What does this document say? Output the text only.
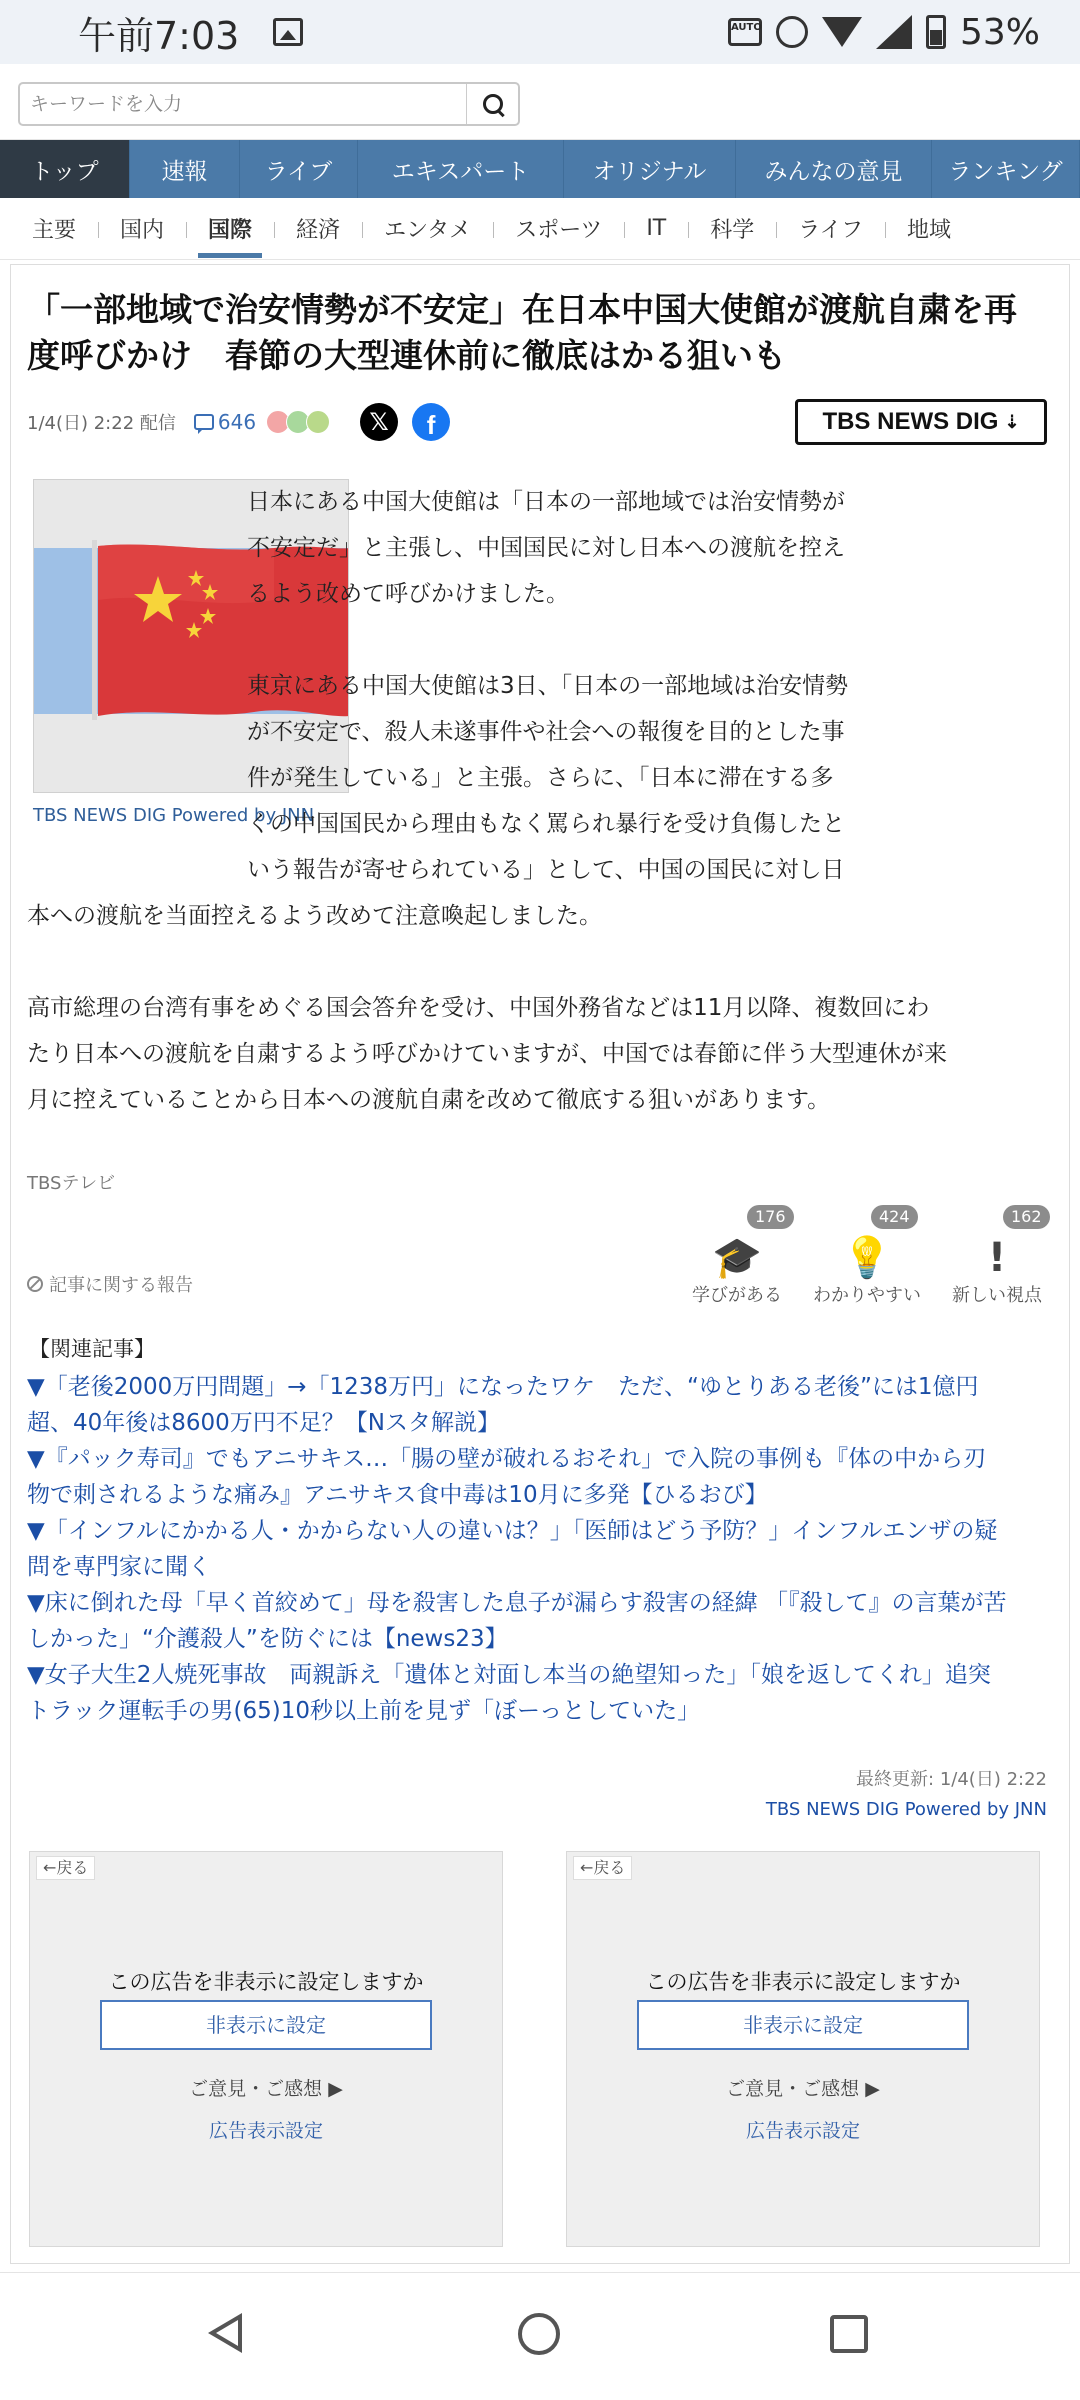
午前7:03	AUTO	53%
キーワードを入力
トップ	速報	ライブ	エキスパート	オリジナル	みんなの意見	ランキング
主要	国内	国際	経済	エンタメ	スポーツ	IT	科学	ライフ	地域
「一部地域で治安情勢が不安定」在日本中国大使館が渡航自粛を再度呼びかけ　春節の大型連休前に徹底はかる狙いも
1/4(日) 2:22 配信 646	𝕏	f	TBS NEWS DIG ⇣
TBS NEWS DIG Powered by JNN
日本にある中国大使館は「日本の一部地域では治安情勢が
不安定だ」と主張し、中国国民に対し日本への渡航を控え
るよう改めて呼びかけました。
東京にある中国大使館は3日、「日本の一部地域は治安情勢
が不安定で、殺人未遂事件や社会への報復を目的とした事
件が発生している」と主張。さらに、「日本に滞在する多
くの中国国民から理由もなく罵られ暴行を受け負傷したと
いう報告が寄せられている」として、中国の国民に対し日
本への渡航を当面控えるよう改めて注意喚起しました。
高市総理の台湾有事をめぐる国会答弁を受け、中国外務省などは11月以降、複数回にわ
たり日本への渡航を自粛するよう呼びかけていますが、中国では春節に伴う大型連休が来
月に控えていることから日本への渡航自粛を改めて徹底する狙いがあります。
TBSテレビ
記事に関する報告
176
🎓
学びがある
424
💡
わかりやすい
162
!
新しい視点
【関連記事】
▼「老後2000万円問題」→「1238万円」になったワケ　ただ、“ゆとりある老後”には1億円
超、40年後は8600万円不足？【Nスタ解説】
▼『パック寿司』でもアニサキス…「腸の壁が破れるおそれ」で入院の事例も『体の中から刃
物で刺されるような痛み』アニサキス食中毒は10月に多発【ひるおび】
▼「インフルにかかる人・かからない人の違いは？」「医師はどう予防？」インフルエンザの疑
問を専門家に聞く
▼床に倒れた母「早く首絞めて」母を殺害した息子が漏らす殺害の経緯 「『殺して』の言葉が苦
しかった」“介護殺人”を防ぐには【news23】
▼女子大生2人焼死事故　両親訴え「遺体と対面し本当の絶望知った」「娘を返してくれ」追突
トラック運転手の男(65)10秒以上前を見ず「ぼーっとしていた」
最終更新: 1/4(日) 2:22
TBS NEWS DIG Powered by JNN
←戻る
この広告を非表示に設定しますか
非表示に設定
ご意見・ご感想 ▶
広告表示設定
←戻る
この広告を非表示に設定しますか
非表示に設定
ご意見・ご感想 ▶
広告表示設定
